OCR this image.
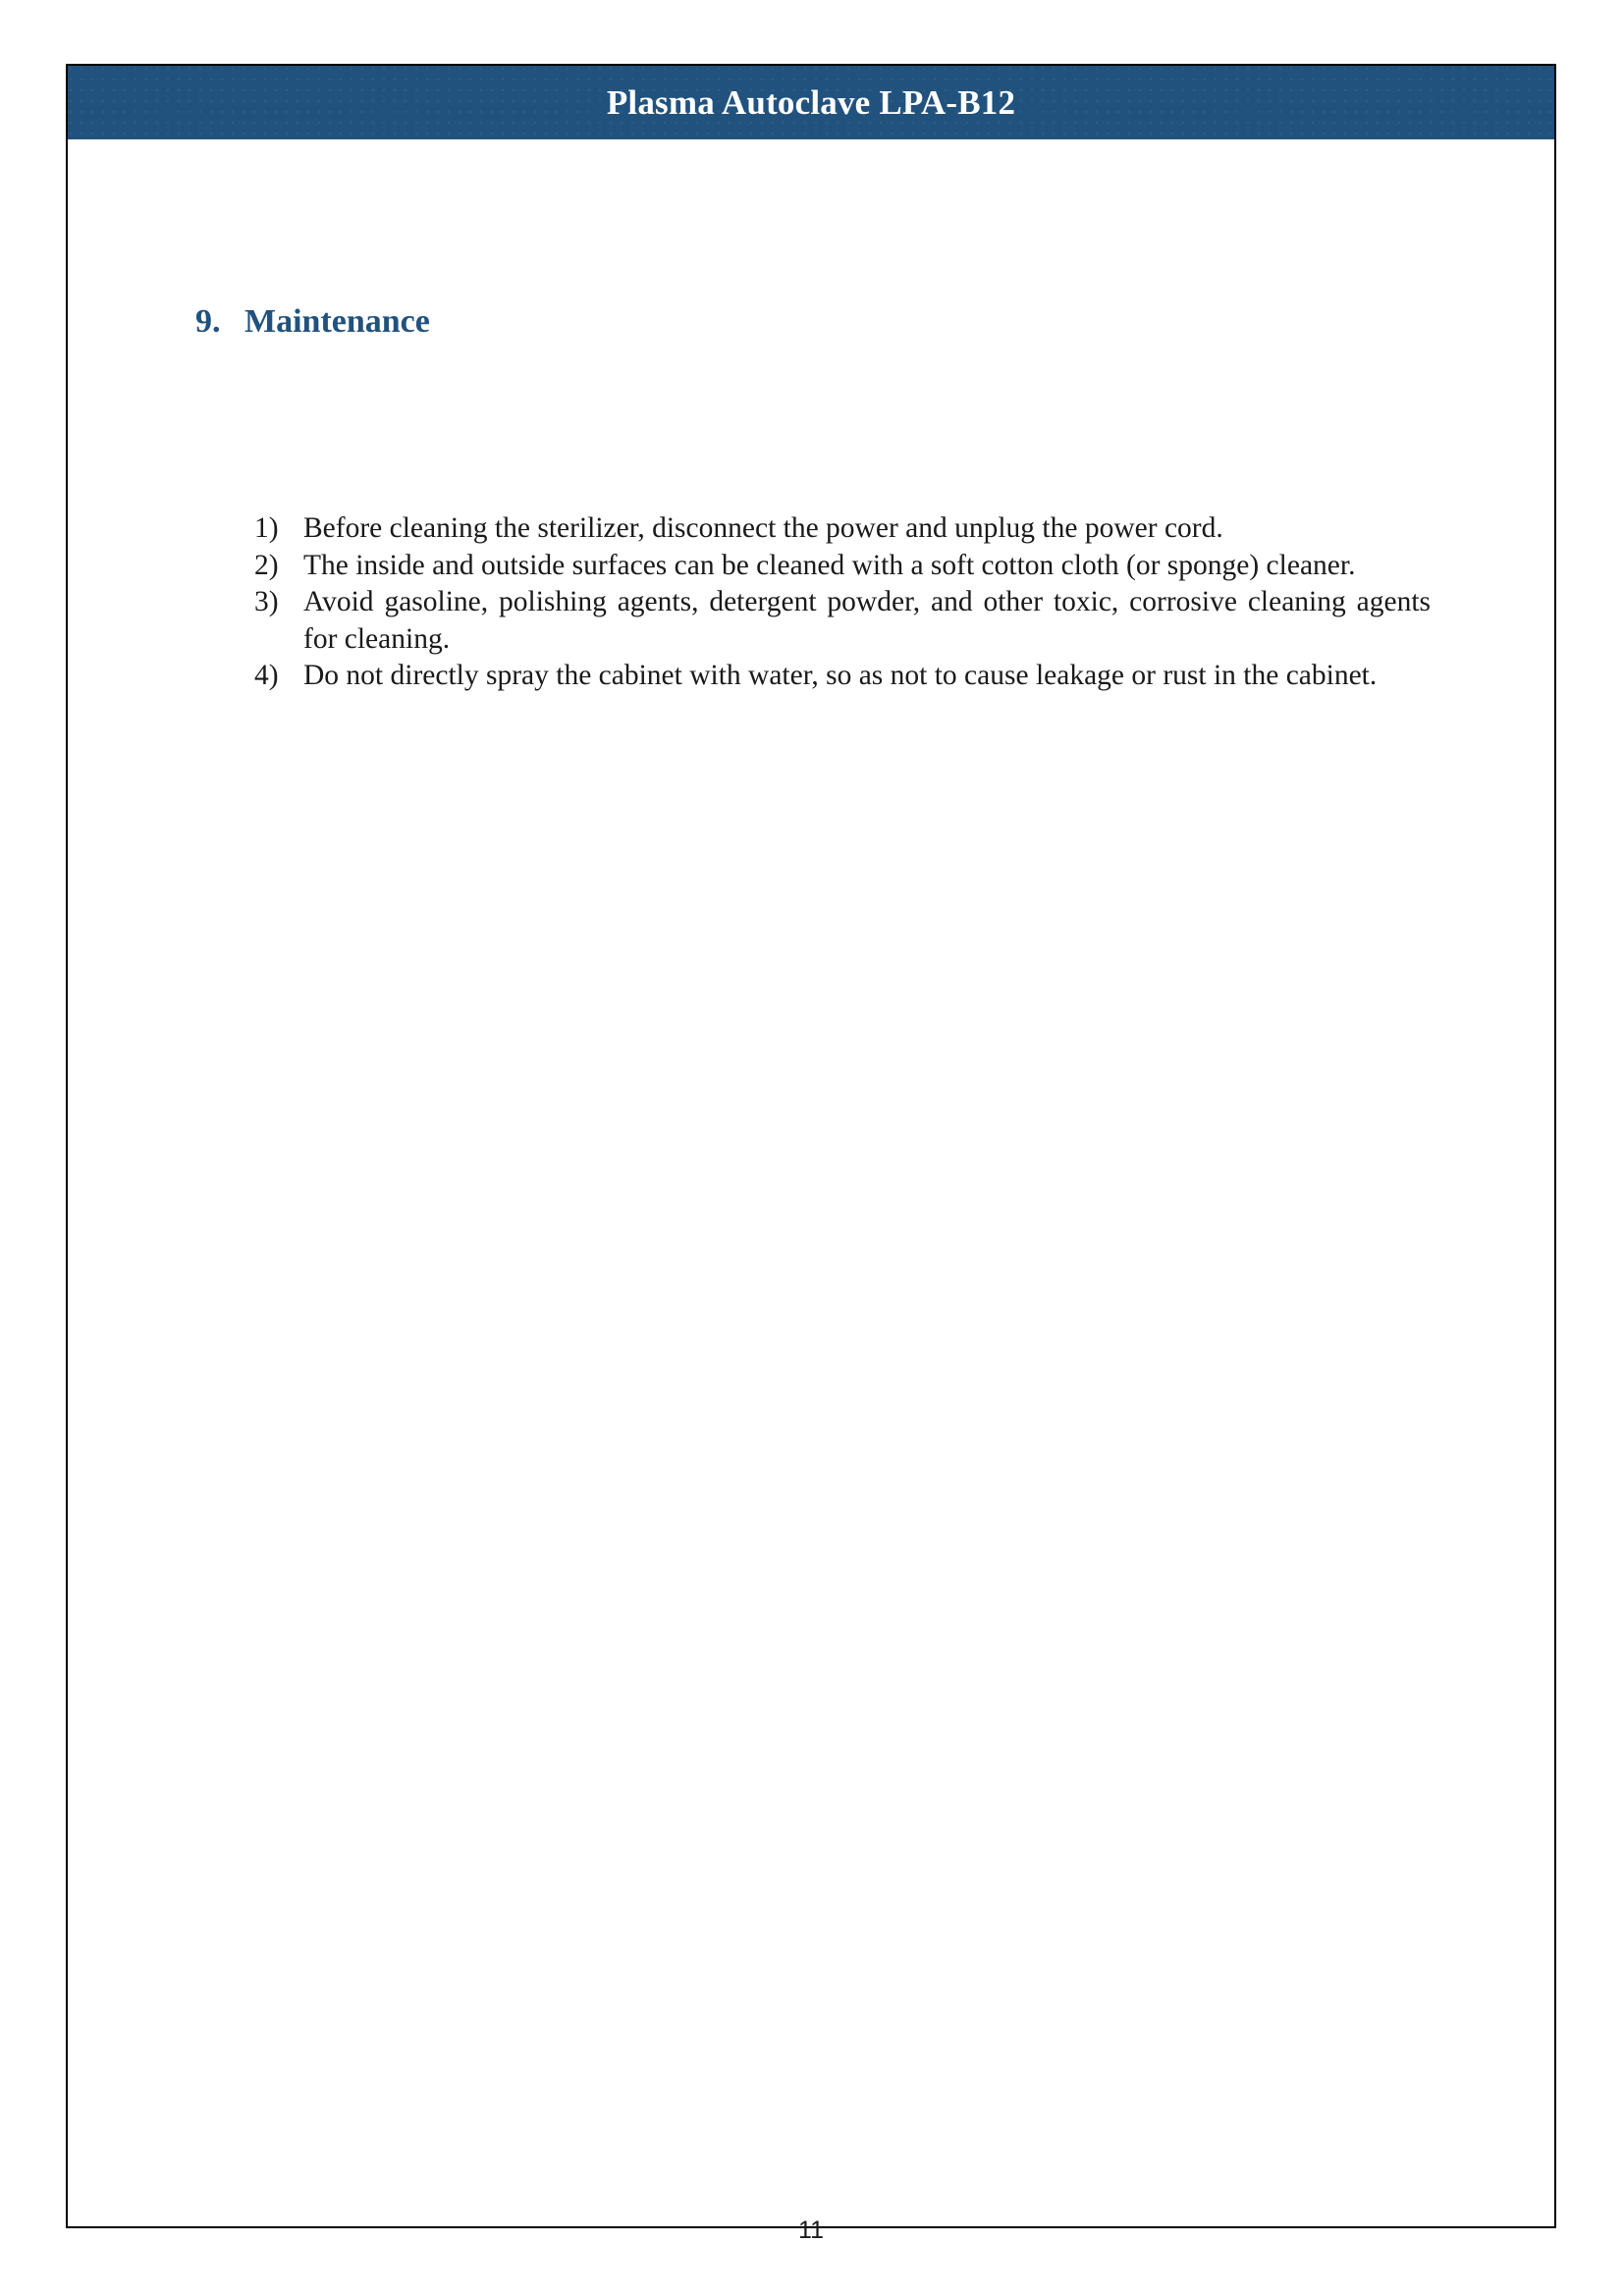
Plasma Autoclave LPA-B12
9. Maintenance
1) Before cleaning the sterilizer, disconnect the power and unplug the power cord.
2) The inside and outside surfaces can be cleaned with a soft cotton cloth (or sponge) cleaner.
3) Avoid gasoline, polishing agents, detergent powder, and other toxic, corrosive cleaning agents for cleaning.
4) Do not directly spray the cabinet with water, so as not to cause leakage or rust in the cabinet.
11
